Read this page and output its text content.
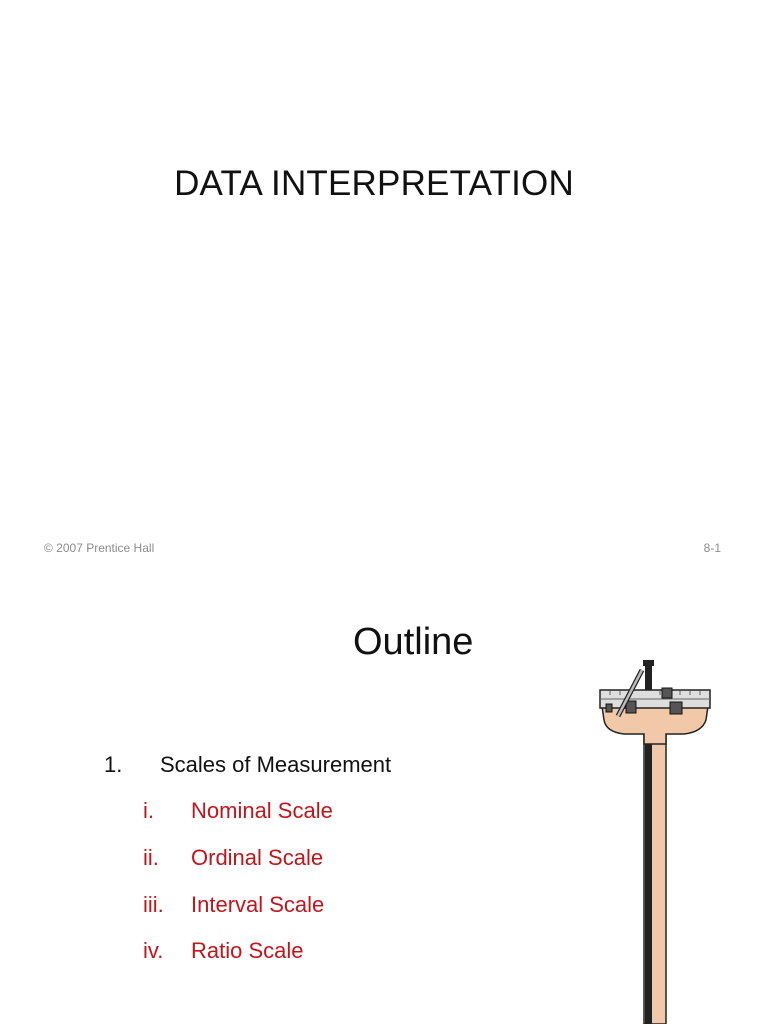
DATA INTERPRETATION
© 2007 Prentice Hall	8-1
Outline
1. Scales of Measurement
i. Nominal Scale
ii. Ordinal Scale
iii. Interval Scale
iv. Ratio Scale
